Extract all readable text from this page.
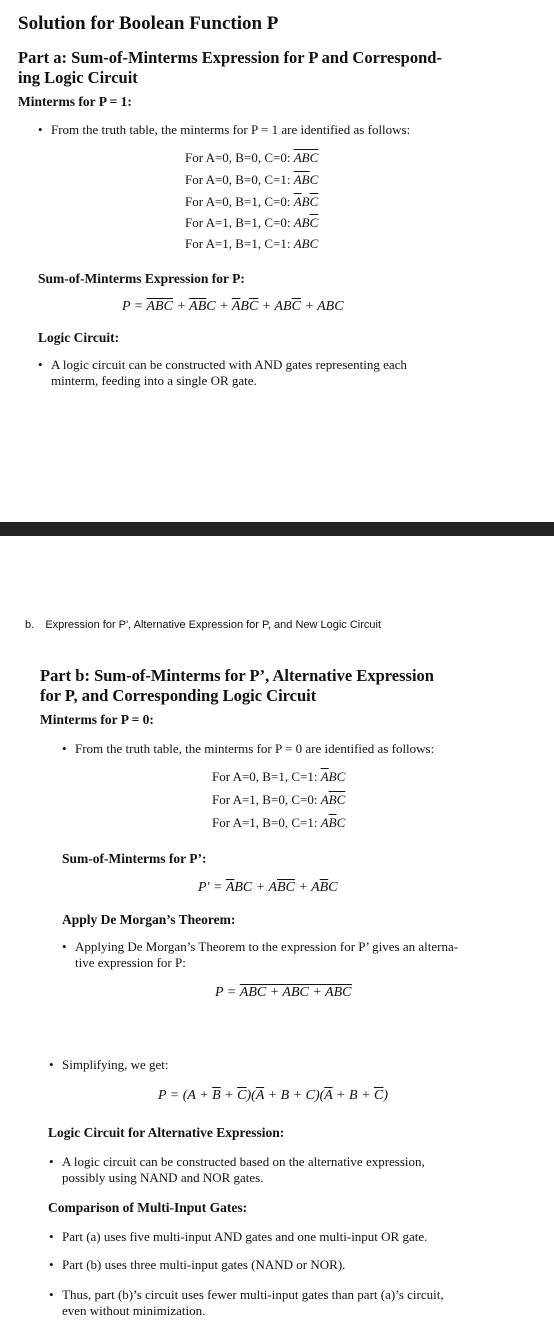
Solution for Boolean Function P
Part a: Sum-of-Minterms Expression for P and Correspond-
ing Logic Circuit
Minterms for P = 1:
• From the truth table, the minterms for P = 1 are identified as follows:
For A=0, B=0, C=0: $\overline{ABC}$
For A=0, B=0, C=1: $\overline{AB}C$
For A=0, B=1, C=0: $\overline{A}B\overline{C}$
For A=1, B=1, C=0: $AB\overline{C}$
For A=1, B=1, C=1: ABC
Sum-of-Minterms Expression for P:
$P = \overline{ABC} + \overline{AB}C + \overline{A}B\overline{C} + AB\overline{C}$ + ABC
Logic Circuit:
• A logic circuit can be constructed with AND gates representing each
minterm, feeding into a single OR gate.
b. Expression for P', Alternative Expression for P, and New Logic Circuit
Part b: Sum-of-Minterms for P’, Alternative Expression
for P, and Corresponding Logic Circuit
Minterms for P = 0:
• From the truth table, the minterms for P = 0 are identified as follows:
For A=0, B=1, C=1: $\overline{A}BC$
For A=1, B=0, C=0: $A\overline{BC}$
For A=1, B=0, C=1: $A\overline{B}C$
Sum-of-Minterms for P’:
$P' = \overline{A}BC + A\overline{BC} + A\overline{B}C$
Apply De Morgan’s Theorem:
• Applying De Morgan’s Theorem to the expression for P’ gives an alterna-
tive expression for P:
$P = \overline{A}BC + A\overline{BC} + A\overline{B}C$
• Simplifying, we get:
$P = (A + \overline{B} + \overline{C})(\overline{A} + B + C)(\overline{A} + B + \overline{C})$
Logic Circuit for Alternative Expression:
• A logic circuit can be constructed based on the alternative expression,
possibly using NAND and NOR gates.
Comparison of Multi-Input Gates:
• Part (a) uses five multi-input AND gates and one multi-input OR gate.
• Part (b) uses three multi-input gates (NAND or NOR).
• Thus, part (b)’s circuit uses fewer multi-input gates than part (a)’s circuit,
even without minimization.
